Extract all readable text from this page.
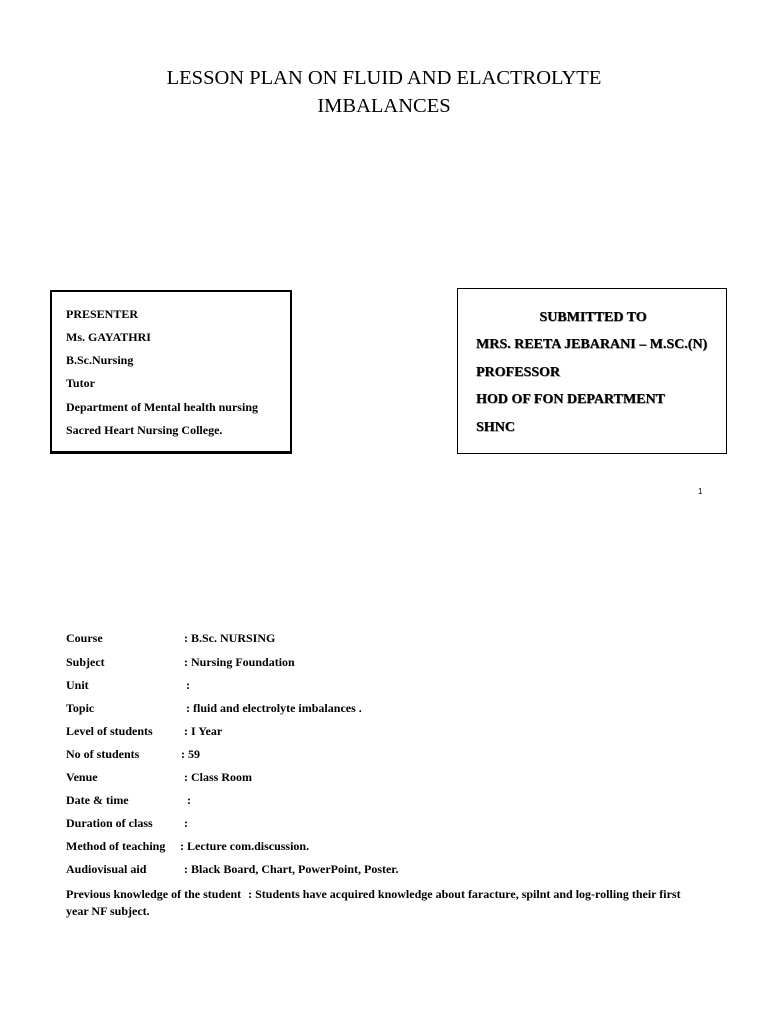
LESSON PLAN ON FLUID AND ELACTROLYTE
IMBALANCES
PRESENTER
Ms. GAYATHRI
B.Sc.Nursing
Tutor
Department of Mental health nursing
Sacred Heart Nursing College.
SUBMITTED TO
MRS. REETA JEBARANI – M.SC.(N)
PROFESSOR
HOD OF FON DEPARTMENT
SHNC
1
Course	: B.Sc. NURSING
Subject	: Nursing Foundation
Unit	:
Topic	: fluid and electrolyte imbalances .
Level of students	: I Year
No of students	: 59
Venue	: Class Room
Date & time	:
Duration of class	:
Method of teaching : Lecture com.discussion.
Audiovisual aid	: Black Board, Chart, PowerPoint, Poster.
Previous knowledge of the student : Students have acquired knowledge about faracture, spilnt and log-rolling their first year NF subject.
